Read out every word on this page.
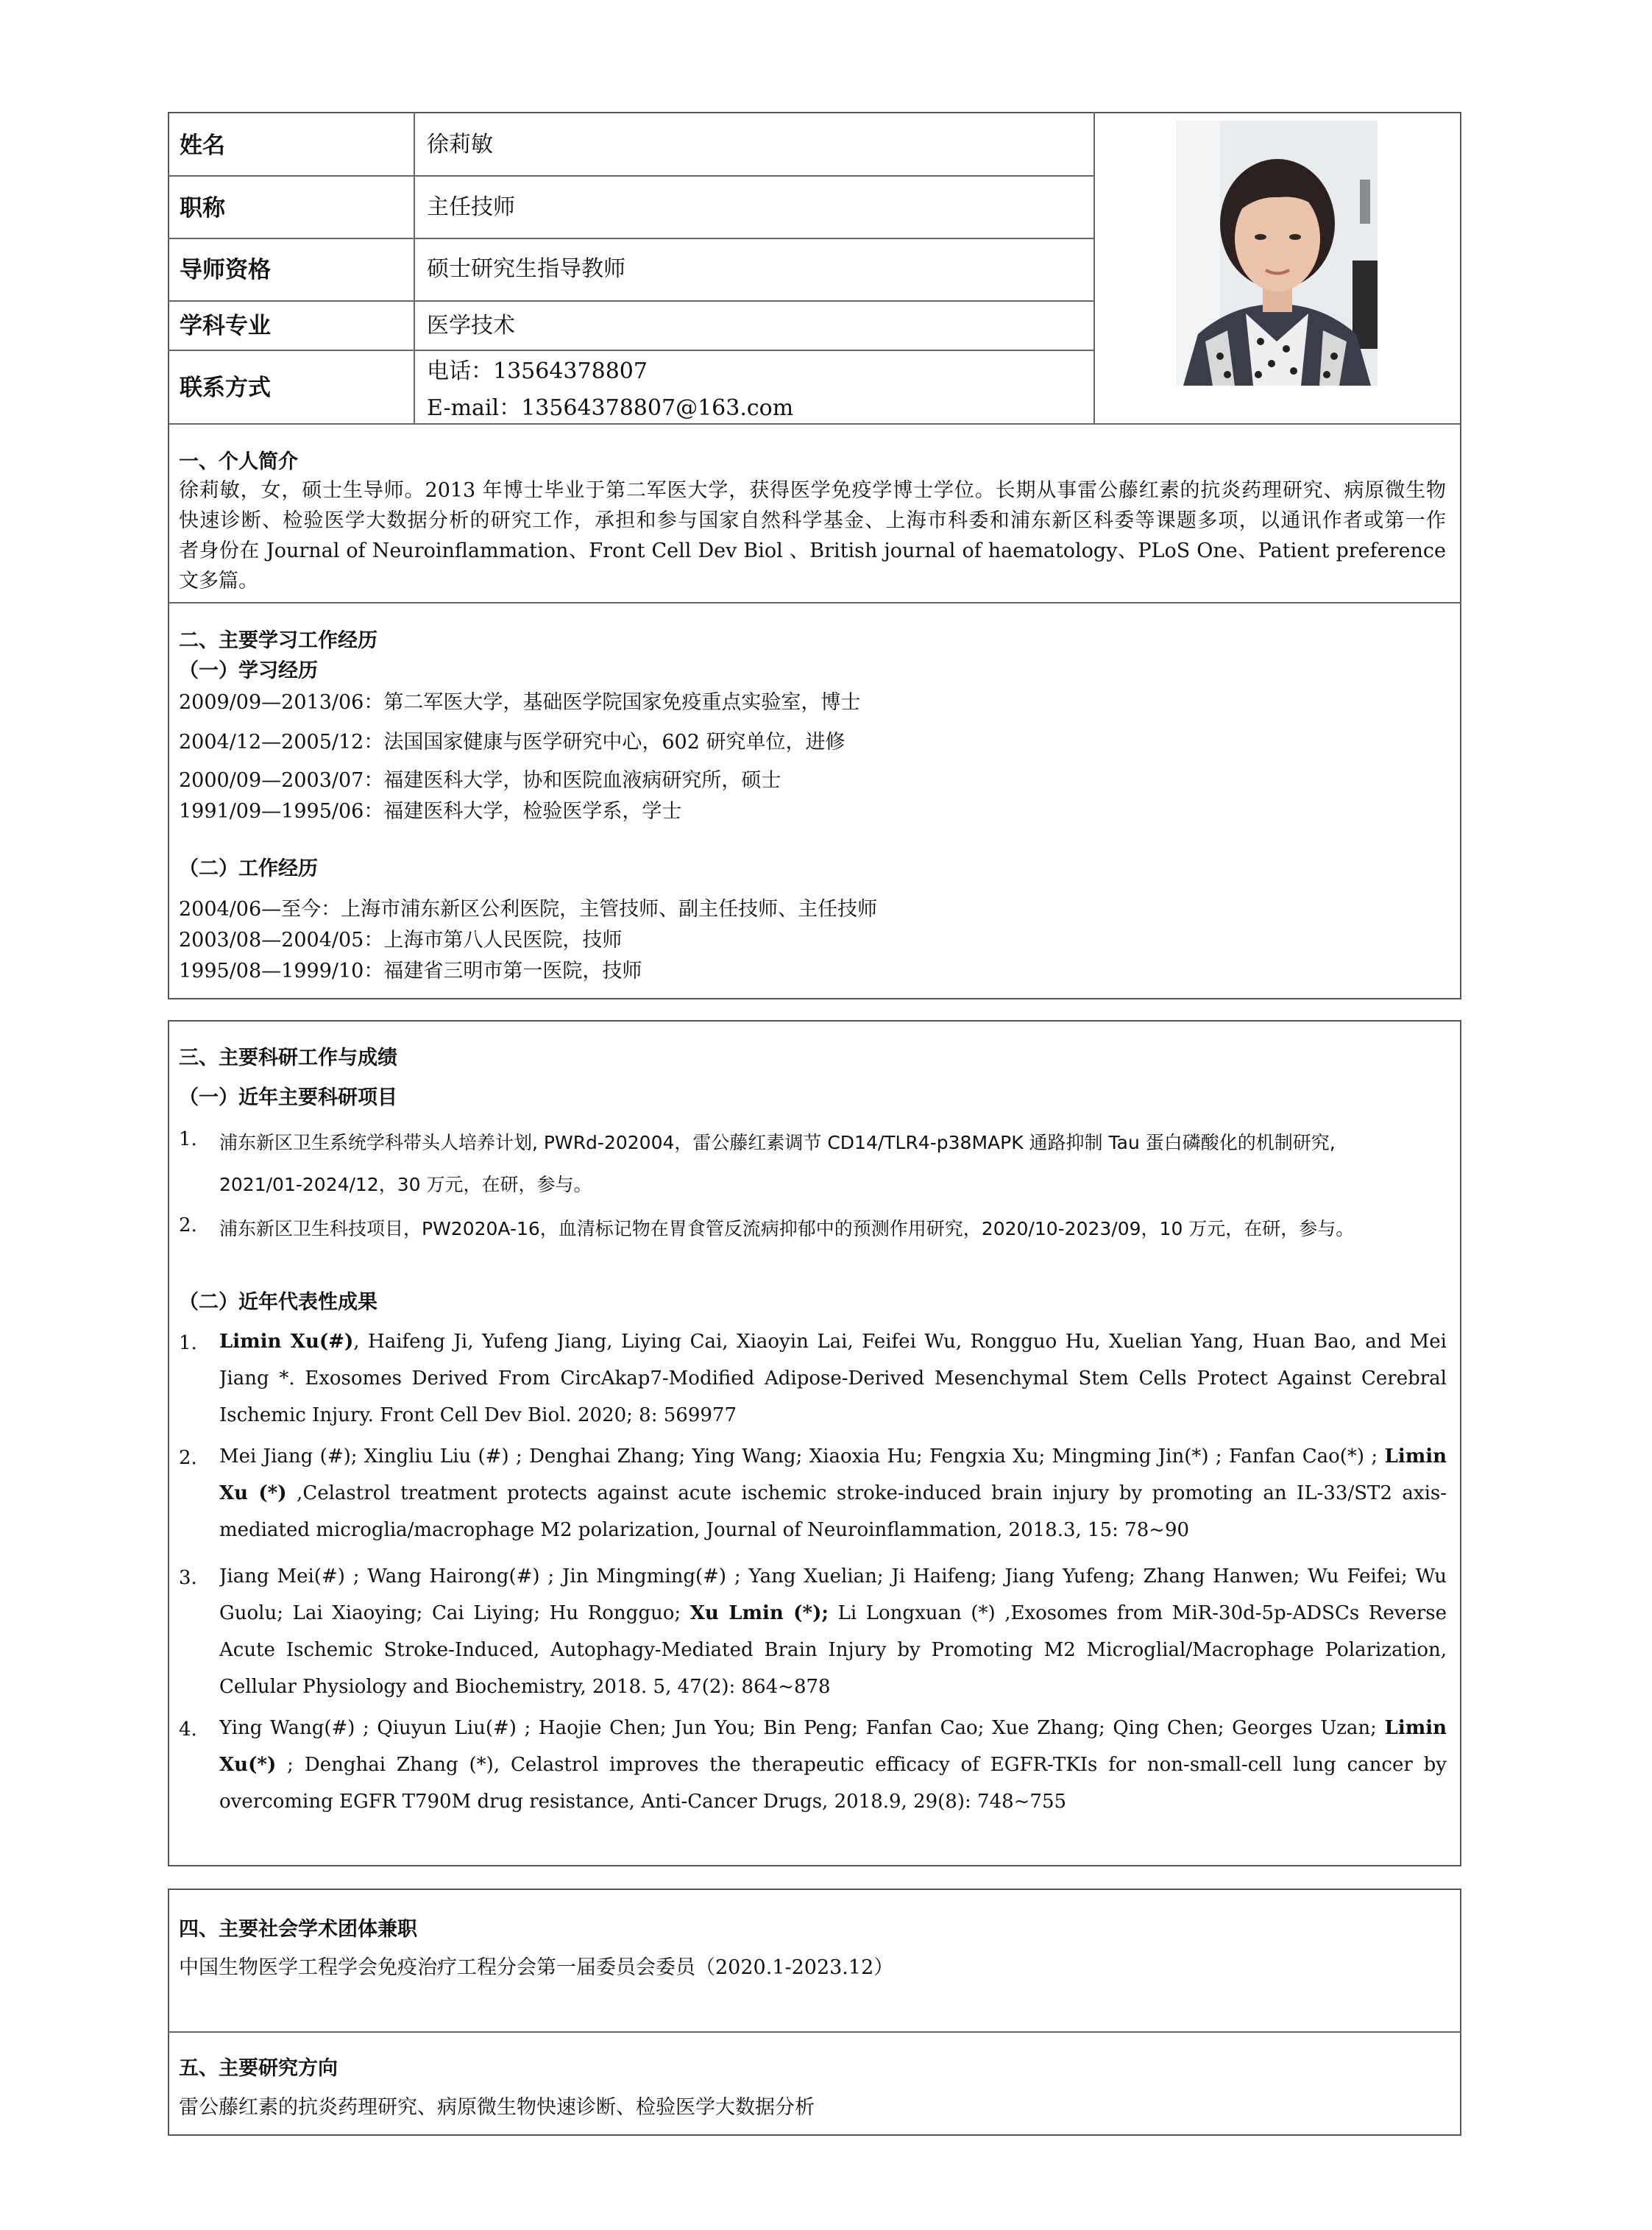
姓名
职称
导师资格
学科专业
联系方式
徐莉敏
主任技师
硕士研究生指导教师
医学技术
电话：13564378807
E-mail：13564378807@163.com
一、个人简介
徐莉敏，女，硕士生导师。2013 年博士毕业于第二军医大学，获得医学免疫学博士学位。长期从事雷公藤红素的抗炎药理研究、病原微生物
快速诊断、检验医学大数据分析的研究工作，承担和参与国家自然科学基金、上海市科委和浦东新区科委等课题多项，以通讯作者或第一作
者身份在 Journal of Neuroinflammation、Front Cell Dev Biol 、British journal of haematology、PLoS One、Patient preference
文多篇。
二、主要学习工作经历
（一）学习经历
2009/09—2013/06：第二军医大学，基础医学院国家免疫重点实验室，博士
2004/12—2005/12：法国国家健康与医学研究中心，602 研究单位，进修
2000/09—2003/07：福建医科大学，协和医院血液病研究所，硕士
1991/09—1995/06：福建医科大学，检验医学系，学士
（二）工作经历
2004/06—至今：上海市浦东新区公利医院，主管技师、副主任技师、主任技师
2003/08—2004/05：上海市第八人民医院，技师
1995/08—1999/10：福建省三明市第一医院，技师
三、主要科研工作与成绩
（一）近年主要科研项目
1. 浦东新区卫生系统学科带头人培养计划, PWRd-202004，雷公藤红素调节 CD14/TLR4-p38MAPK 通路抑制 Tau 蛋白磷酸化的机制研究,
2021/01-2024/12，30 万元，在研，参与。
2. 浦东新区卫生科技项目，PW2020A-16，血清标记物在胃食管反流病抑郁中的预测作用研究，2020/10-2023/09，10 万元，在研，参与。
（二）近年代表性成果
1. Limin Xu(#), Haifeng Ji, Yufeng Jiang, Liying Cai, Xiaoyin Lai, Feifei Wu, Rongguo Hu, Xuelian Yang, Huan Bao, and Mei Jiang *. Exosomes Derived From CircAkap7-Modified Adipose-Derived Mesenchymal Stem Cells Protect Against Cerebral Ischemic Injury. Front Cell Dev Biol. 2020; 8: 569977
2. Mei Jiang (#); Xingliu Liu (#) ; Denghai Zhang; Ying Wang; Xiaoxia Hu; Fengxia Xu; Mingming Jin(*) ; Fanfan Cao(*) ; Limin Xu (*) ,Celastrol treatment protects against acute ischemic stroke-induced brain injury by promoting an IL-33/ST2 axis-mediated microglia/macrophage M2 polarization, Journal of Neuroinflammation, 2018.3, 15: 78~90
3. Jiang Mei(#) ; Wang Hairong(#) ; Jin Mingming(#) ; Yang Xuelian; Ji Haifeng; Jiang Yufeng; Zhang Hanwen; Wu Feifei; Wu Guolu; Lai Xiaoying; Cai Liying; Hu Rongguo; Xu Lmin (*); Li Longxuan (*) ,Exosomes from MiR-30d-5p-ADSCs Reverse Acute Ischemic Stroke-Induced, Autophagy-Mediated Brain Injury by Promoting M2 Microglial/Macrophage Polarization, Cellular Physiology and Biochemistry, 2018. 5, 47(2): 864~878
4. Ying Wang(#) ; Qiuyun Liu(#) ; Haojie Chen; Jun You; Bin Peng; Fanfan Cao; Xue Zhang; Qing Chen; Georges Uzan; Limin Xu(*) ; Denghai Zhang (*), Celastrol improves the therapeutic efficacy of EGFR-TKIs for non-small-cell lung cancer by overcoming EGFR T790M drug resistance, Anti-Cancer Drugs, 2018.9, 29(8): 748~755
四、主要社会学术团体兼职
中国生物医学工程学会免疫治疗工程分会第一届委员会委员（2020.1-2023.12）
五、主要研究方向
雷公藤红素的抗炎药理研究、病原微生物快速诊断、检验医学大数据分析
